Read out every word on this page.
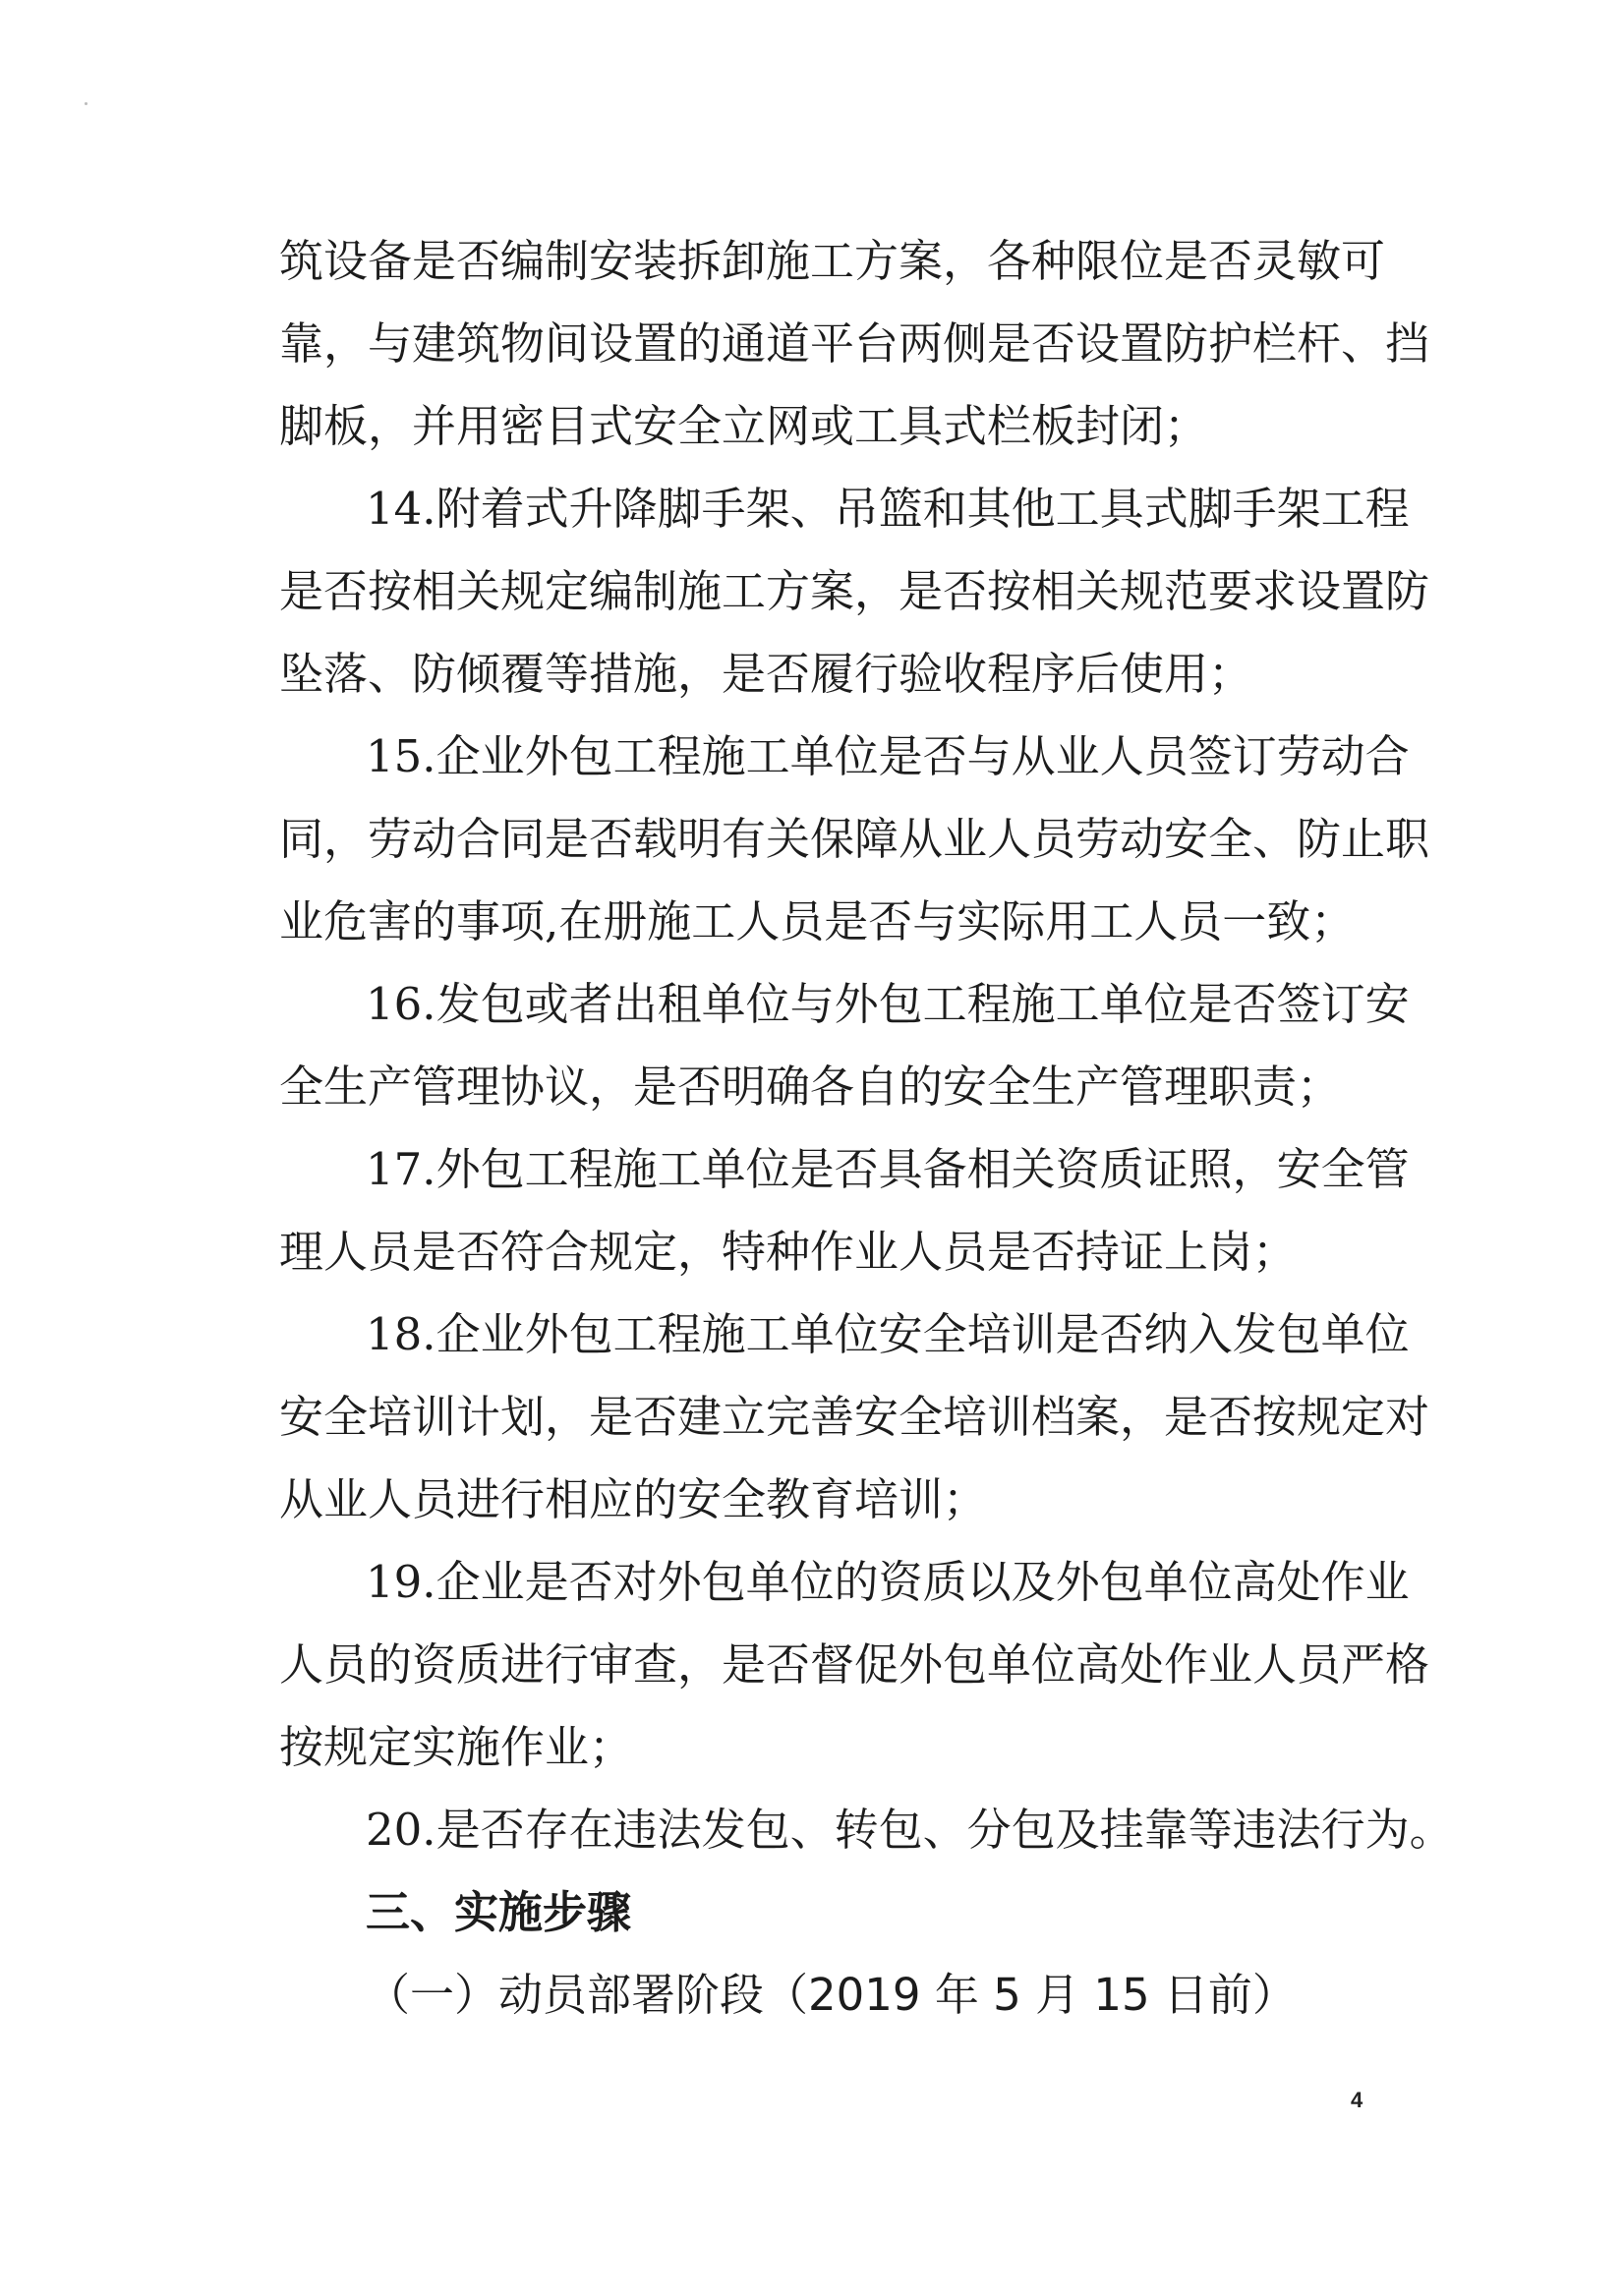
筑设备是否编制安装拆卸施工方案，各种限位是否灵敏可
靠，与建筑物间设置的通道平台两侧是否设置防护栏杆、挡
脚板，并用密目式安全立网或工具式栏板封闭；
14.附着式升降脚手架、吊篮和其他工具式脚手架工程
是否按相关规定编制施工方案，是否按相关规范要求设置防
坠落、防倾覆等措施，是否履行验收程序后使用；
15.企业外包工程施工单位是否与从业人员签订劳动合
同，劳动合同是否载明有关保障从业人员劳动安全、防止职
业危害的事项,在册施工人员是否与实际用工人员一致；
16.发包或者出租单位与外包工程施工单位是否签订安
全生产管理协议，是否明确各自的安全生产管理职责；
17.外包工程施工单位是否具备相关资质证照，安全管
理人员是否符合规定，特种作业人员是否持证上岗；
18.企业外包工程施工单位安全培训是否纳入发包单位
安全培训计划，是否建立完善安全培训档案，是否按规定对
从业人员进行相应的安全教育培训；
19.企业是否对外包单位的资质以及外包单位高处作业
人员的资质进行审查，是否督促外包单位高处作业人员严格
按规定实施作业；
20.是否存在违法发包、转包、分包及挂靠等违法行为。
三、实施步骤
（一）动员部署阶段（2019 年 5 月 15 日前）
4
